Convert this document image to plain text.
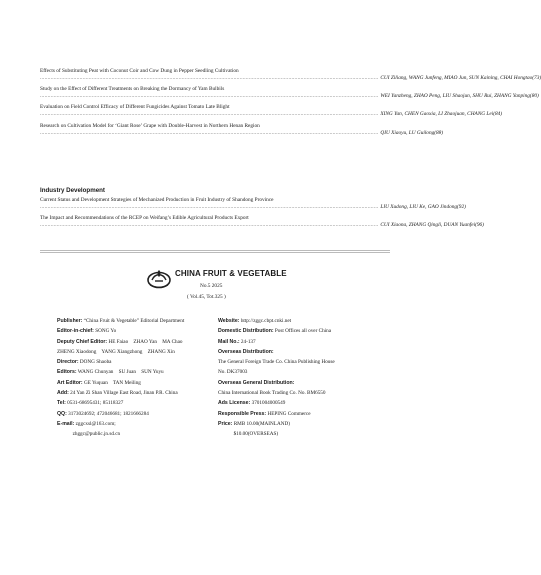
Effects of Substituting Peat with Coconut Coir and Cow Dung in Pepper Seedling Cultivation
.............................................................................................................................................................................................................................. CUI Ziliang, WANG Junfeng, MIAO Jun, SUN Kaining, CHAI Hongtao(73)
Study on the Effect of Different Treatments on Breaking the Dormancy of Yam Bulbils
.............................................................................................................................................................................................................................. WEI Yanzheng, ZHAO Peng, LIU Shaojun, SHU Rui, ZHANG Yanping(80)
Evaluation on Field Control Efficacy of Different Fungicides Against Tomato Late Blight
.............................................................................................................................................................................................................................. XING Yan, CHEN Gaoxia, LI Zhaojuan, CHANG Lei(84)
Research on Cultivation Model for ‘Giant Rose’ Grape with Double-Harvest in Northern Henan Region
.............................................................................................................................................................................................................................. QIU Xiaoyu, LU Guilong(88)
Industry Development
Current Status and Development Strategies of Mechanized Production in Fruit Industry of Shandong Province
.............................................................................................................................................................................................................................. LIU Xudong, LIU Ke, GAO Jindong(92)
The Impact and Recommendations of the RCEP on Weifang’s Edible Agricultural Products Export
.............................................................................................................................................................................................................................. CUI Xiaona, ZHANG Qingli, DUAN Yuanfei(96)
CHINA FRUIT & VEGETABLE
No.5 2025
( Vol.45, Tot.325 )
Publisher: “China Fruit & Vegetable” Editorial Department
Editor-in-chief: SONG Yo
Deputy Chief Editor: HE Faiao    ZHAO Yan    MA Chao
ZHENG Xiaodong    YANG Xiangzhong    ZHANG Xin
Director: DONG Shaoba
Editors: WANG Chunyan    SU Juan    SUN Yuyu
Art Editor: GE Yuquan    TAN Meiling
Add: 24 Yan Zi Shan Village East Road, Jinan P.R. China
Tel: 0531-68695431; 85118327
QQ: 3173024692; 472046681; 1821666284
E-mail: zggcxsl@163.com;
zhggc@public.jn.sd.cn
Website: http://zggc.cbpt.cnki.net
Domestic Distribution: Post Offices all over China
Mail No.: 24-137
Overseas Distribution:
The General Foreign Trade Co. China Publishing House
No. DK37003
Overseas General Distribution:
China International Book Trading Co. No. BM6550
Ads License: 3701004000549
Responsible Press: HEPING Commerce
Price: RMB 10.00(MAINLAND)
$10.00(OVERSEAS)
